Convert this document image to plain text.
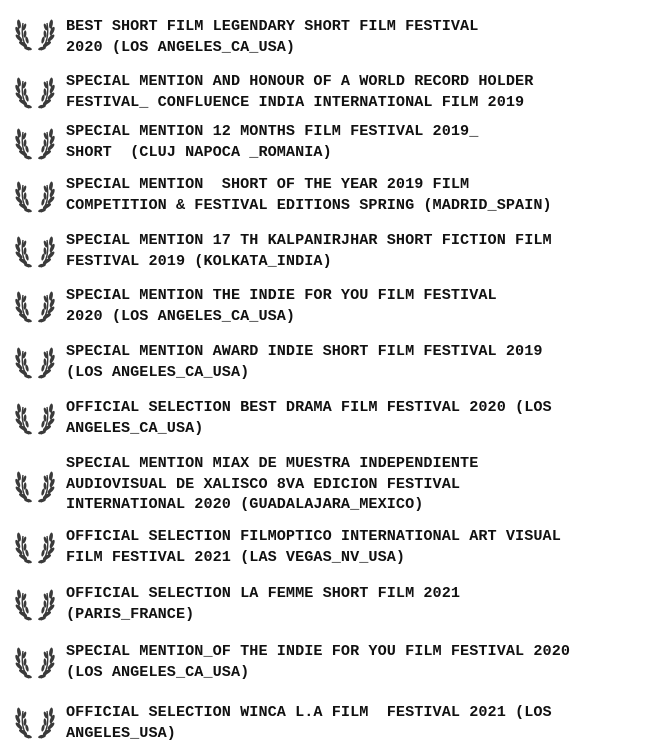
BEST SHORT FILM LEGENDARY SHORT FILM FESTIVAL
2020 (LOS ANGELES_CA_USA)
SPECIAL MENTION AND HONOUR OF A WORLD RECORD HOLDER
FESTIVAL_ CONFLUENCE INDIA INTERNATIONAL FILM 2019
SPECIAL MENTION 12 MONTHS FILM FESTIVAL 2019_
SHORT  (CLUJ NAPOCA _ROMANIA)
SPECIAL MENTION  SHORT OF THE YEAR 2019 FILM
COMPETITION & FESTIVAL EDITIONS SPRING (MADRID_SPAIN)
SPECIAL MENTION 17 TH KALPANIRJHAR SHORT FICTION FILM
FESTIVAL 2019 (KOLKATA_INDIA)
SPECIAL MENTION THE INDIE FOR YOU FILM FESTIVAL
2020 (LOS ANGELES_CA_USA)
SPECIAL MENTION AWARD INDIE SHORT FILM FESTIVAL 2019
(LOS ANGELES_CA_USA)
OFFICIAL SELECTION BEST DRAMA FILM FESTIVAL 2020 (LOS
ANGELES_CA_USA)
SPECIAL MENTION MIAX DE MUESTRA INDEPENDIENTE
AUDIOVISUAL DE XALISCO 8VA EDICION FESTIVAL
INTERNATIONAL 2020 (GUADALAJARA_MEXICO)
OFFICIAL SELECTION FILMOPTICO INTERNATIONAL ART VISUAL
FILM FESTIVAL 2021 (LAS VEGAS_NV_USA)
OFFICIAL SELECTION LA FEMME SHORT FILM 2021
(PARIS_FRANCE)
SPECIAL MENTION_OF THE INDIE FOR YOU FILM FESTIVAL 2020
(LOS ANGELES_CA_USA)
OFFICIAL SELECTION WINCA L.A FILM  FESTIVAL 2021 (LOS
ANGELES_USA)
